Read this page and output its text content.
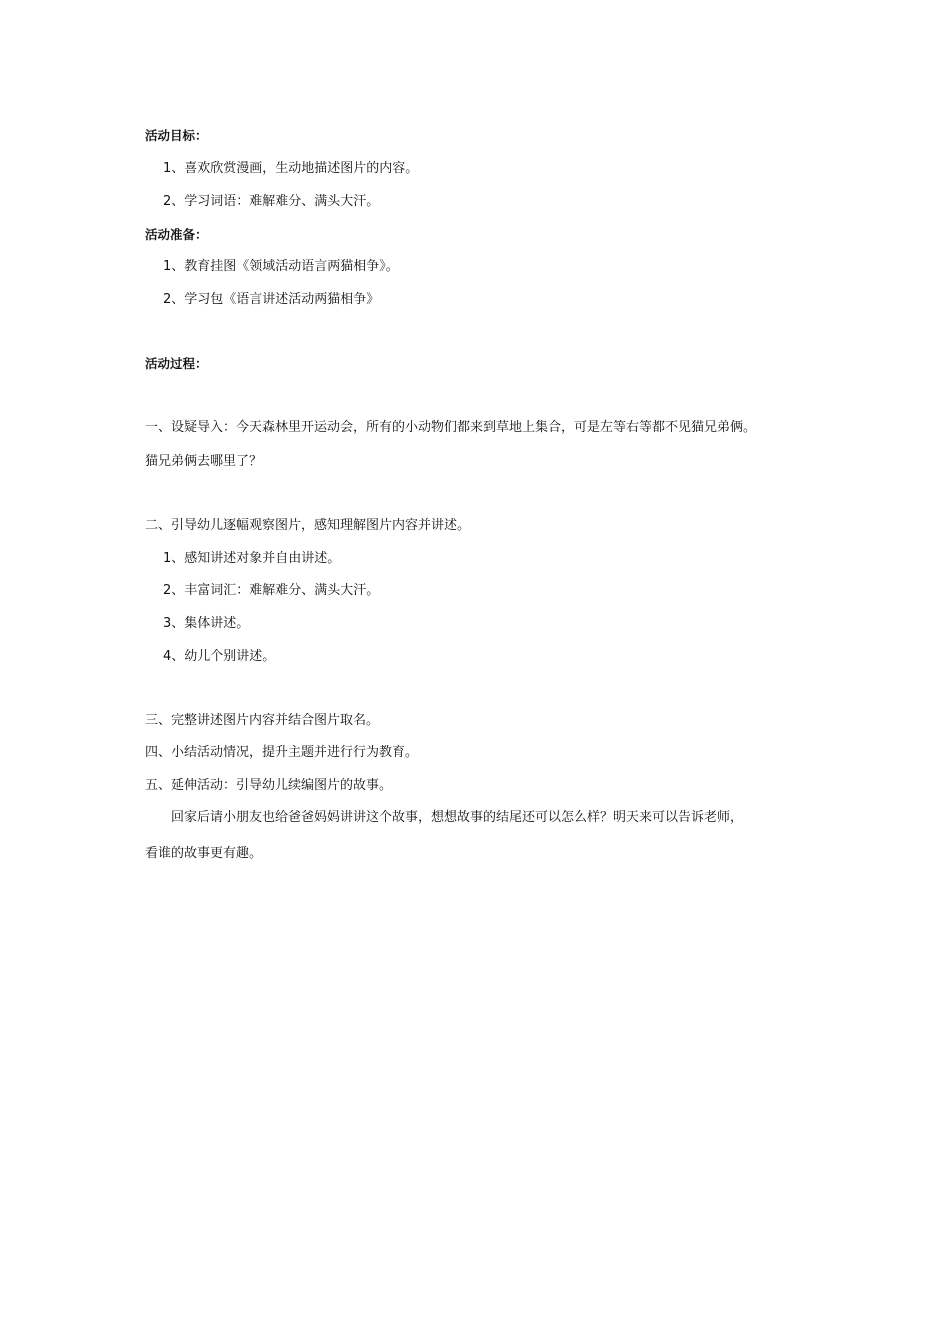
活动目标：
1、喜欢欣赏漫画，生动地描述图片的内容。
2、学习词语：难解难分、满头大汗。
活动准备：
1、教育挂图《领域活动语言两猫相争》。
2、学习包《语言讲述活动两猫相争》
活动过程：
一、设疑导入：今天森林里开运动会，所有的小动物们都来到草地上集合，可是左等右等都不见猫兄弟俩。
猫兄弟俩去哪里了？
二、引导幼儿逐幅观察图片，感知理解图片内容并讲述。
1、感知讲述对象并自由讲述。
2、丰富词汇：难解难分、满头大汗。
3、集体讲述。
4、幼儿个别讲述。
三、完整讲述图片内容并结合图片取名。
四、小结活动情况，提升主题并进行行为教育。
五、延伸活动：引导幼儿续编图片的故事。
回家后请小朋友也给爸爸妈妈讲讲这个故事，想想故事的结尾还可以怎么样？明天来可以告诉老师，
看谁的故事更有趣。
